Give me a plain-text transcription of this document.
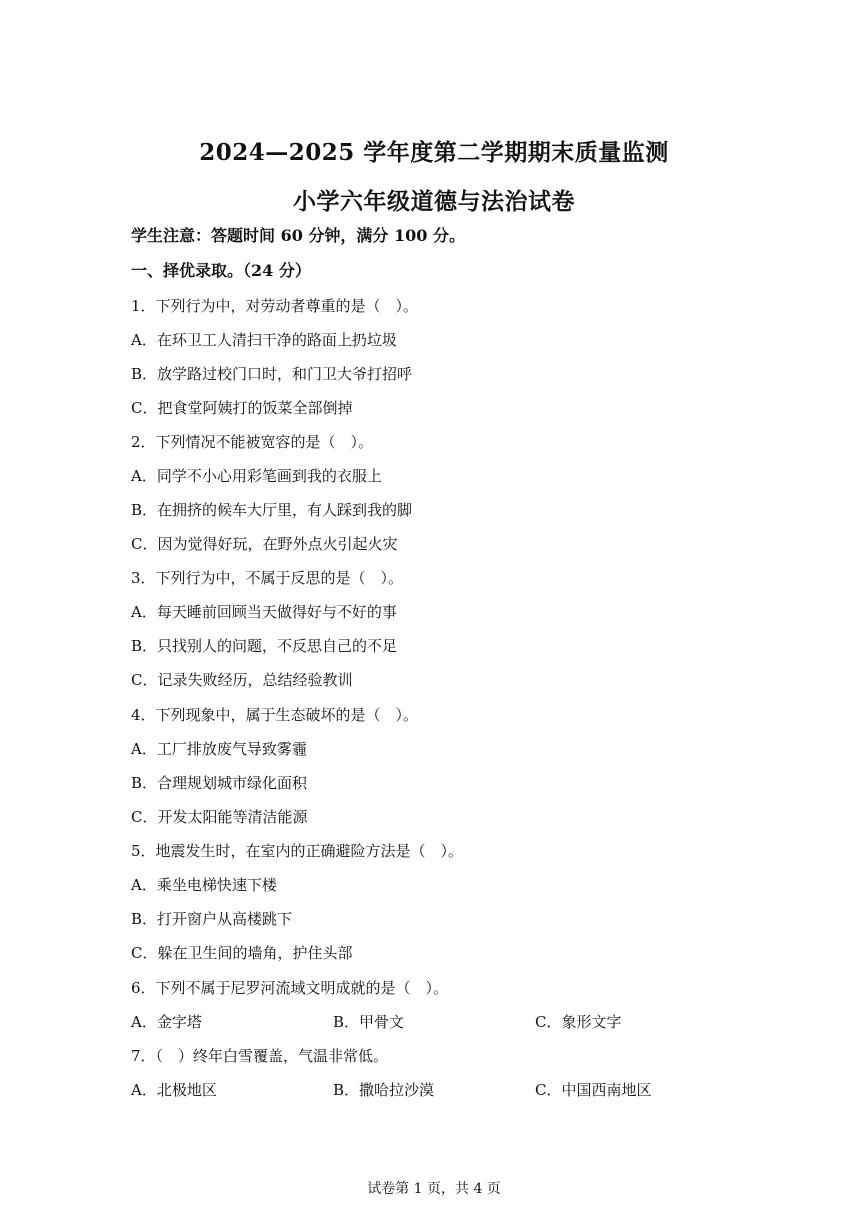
2024—2025 学年度第二学期期末质量监测
小学六年级道德与法治试卷
学生注意：答题时间 60 分钟，满分 100 分。
一、择优录取。（24 分）
1．下列行为中，对劳动者尊重的是（　）。
A．在环卫工人清扫干净的路面上扔垃圾
B．放学路过校门口时，和门卫大爷打招呼
C．把食堂阿姨打的饭菜全部倒掉
2．下列情况不能被宽容的是（　）。
A．同学不小心用彩笔画到我的衣服上
B．在拥挤的候车大厅里，有人踩到我的脚
C．因为觉得好玩，在野外点火引起火灾
3．下列行为中，不属于反思的是（　）。
A．每天睡前回顾当天做得好与不好的事
B．只找别人的问题，不反思自己的不足
C．记录失败经历，总结经验教训
4．下列现象中，属于生态破坏的是（　）。
A．工厂排放废气导致雾霾
B．合理规划城市绿化面积
C．开发太阳能等清洁能源
5．地震发生时，在室内的正确避险方法是（　）。
A．乘坐电梯快速下楼
B．打开窗户从高楼跳下
C．躲在卫生间的墙角，护住头部
6．下列不属于尼罗河流域文明成就的是（　）。
A．金字塔	B．甲骨文	C．象形文字
7．（　）终年白雪覆盖，气温非常低。
A．北极地区	B．撒哈拉沙漠	C．中国西南地区
试卷第 1 页，共 4 页
